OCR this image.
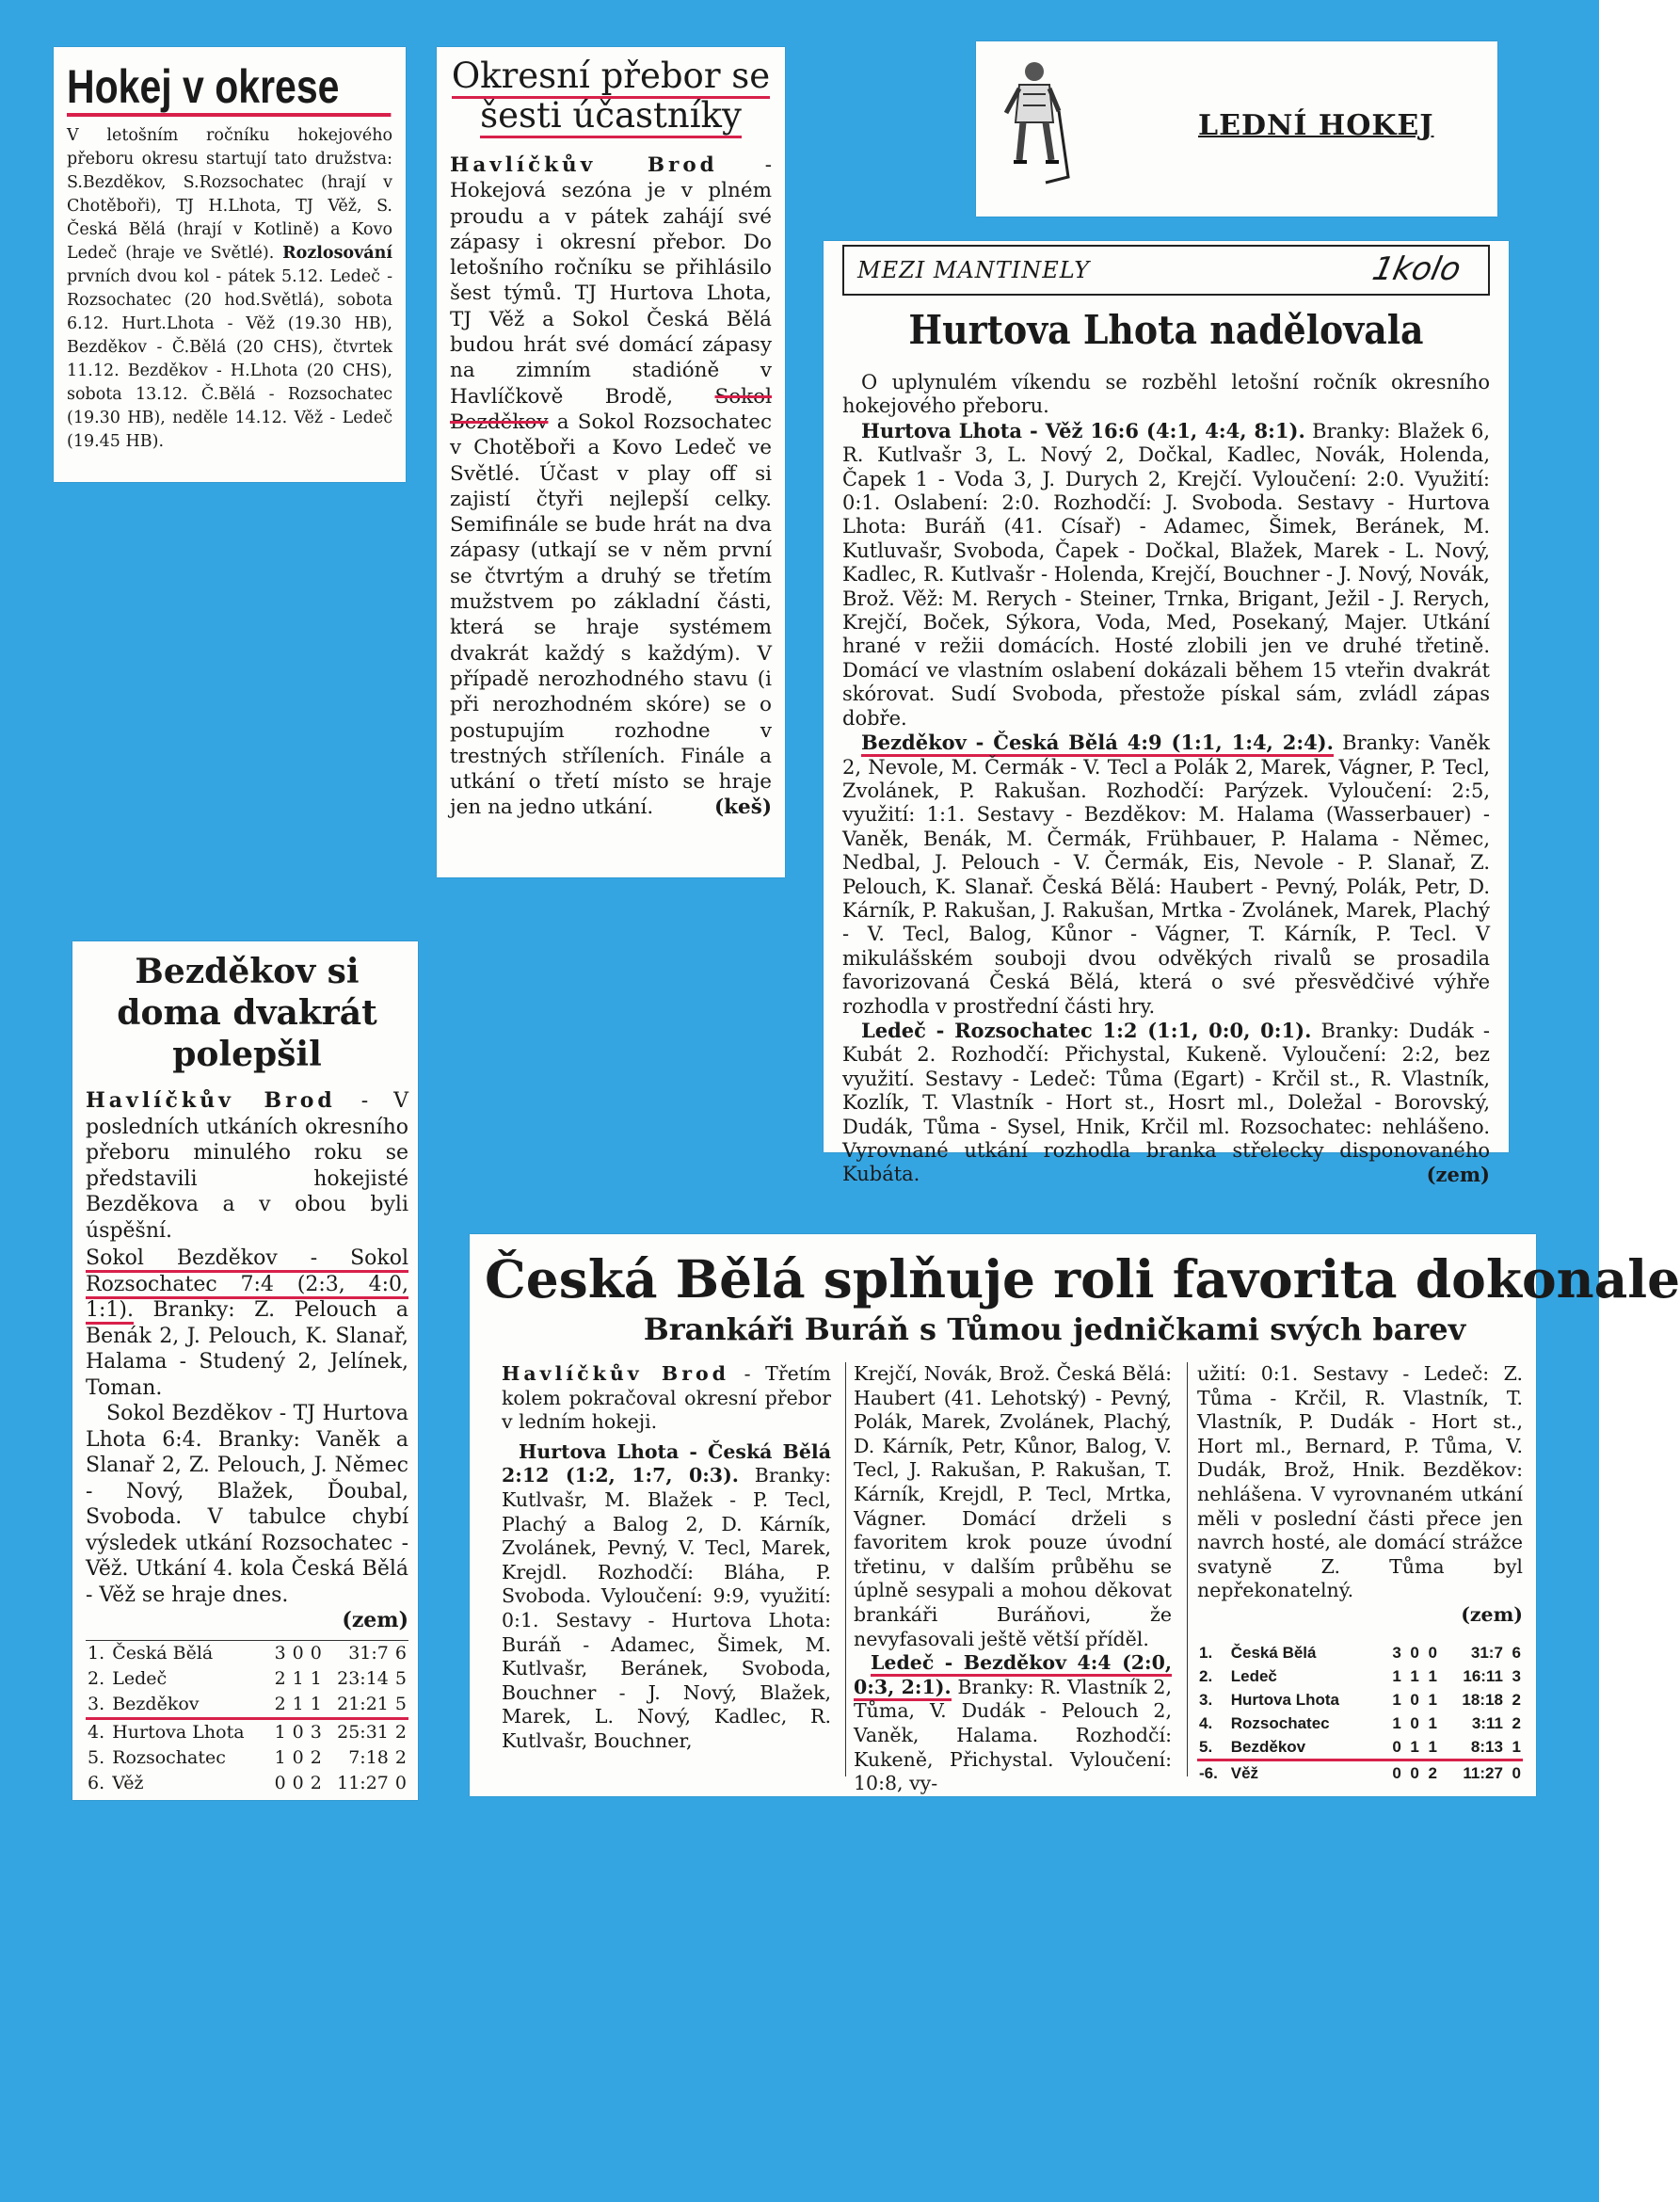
Hokej v okrese

V letošním ročníku hokejového přeboru okresu startují tato družstva: S.Bezděkov, S.Rozsochatec (hrají v Chotěboři), TJ H.Lhota, TJ Věž, S. Česká Bělá (hrají v Kotlině) a Kovo Ledeč (hraje ve Světlé). Rozlosování prvních dvou kol - pátek 5.12. Ledeč - Rozsochatec (20 hod.Světlá), sobota 6.12. Hurt.Lhota - Věž (19.30 HB), Bezděkov - Č.Bělá (20 CHS), čtvrtek 11.12. Bezděkov - H.Lhota (20 CHS), sobota 13.12. Č.Bělá - Rozsochatec (19.30 HB), neděle 14.12. Věž - Ledeč (19.45 HB).

Okresní přebor se šesti účastníky

Havlíčkův Brod - Hokejová sezóna je v plném proudu a v pátek zahájí své zápasy i okresní přebor. Do letošního ročníku se přihlásilo šest týmů. TJ Hurtova Lhota, TJ Věž a Sokol Česká Bělá budou hrát své domácí zápasy na zimním stadióně v Havlíčkově Brodě, Sokol Bezděkov a Sokol Rozsochatec v Chotěboři a Kovo Ledeč ve Světlé. Účast v play off si zajistí čtyři nejlepší celky. Semifinále se bude hrát na dva zápasy (utkají se v něm první se čtvrtým a druhý se třetím mužstvem po základní části, která se hraje systémem dvakrát každý s každým). V případě nerozhodného stavu (i při nerozhodném skóre) se o postupujím rozhodne v trestných stříleních. Finále a utkání o třetí místo se hraje jen na jedno utkání.	(keš)

LEDNÍ HOKEJ
MEZI MANTINELY	1kolo
Hurtova Lhota nadělovala

O uplynulém víkendu se rozběhl letošní ročník okresního hokejového přeboru.

Hurtova Lhota - Věž 16:6 (4:1, 4:4, 8:1). Branky: Blažek 6, R. Kutlvašr 3, L. Nový 2, Dočkal, Kadlec, Novák, Holenda, Čapek 1 - Voda 3, J. Durych 2, Krejčí. Vyloučení: 2:0. Využití: 0:1. Oslabení: 2:0. Rozhodčí: J. Svoboda. Sestavy - Hurtova Lhota: Buráň (41. Císař) - Adamec, Šimek, Beránek, M. Kutluvašr, Svoboda, Čapek - Dočkal, Blažek, Marek - L. Nový, Kadlec, R. Kutlvašr - Holenda, Krejčí, Bouchner - J. Nový, Novák, Brož. Věž: M. Rerych - Steiner, Trnka, Brigant, Ježil - J. Rerych, Krejčí, Boček, Sýkora, Voda, Med, Posekaný, Majer. Utkání hrané v režii domácích. Hosté zlobili jen ve druhé třetině. Domácí ve vlastním oslabení dokázali během 15 vteřin dvakrát skórovat. Sudí Svoboda, přestože pískal sám, zvládl zápas dobře.

Bezděkov - Česká Bělá 4:9 (1:1, 1:4, 2:4). Branky: Vaněk 2, Nevole, M. Čermák - V. Tecl a Polák 2, Marek, Vágner, P. Tecl, Zvolánek, P. Rakušan. Rozhodčí: Parýzek. Vyloučení: 2:5, využití: 1:1. Sestavy - Bezděkov: M. Halama (Wasserbauer) -Vaněk, Benák, M. Čermák, Frühbauer, P. Halama - Němec, Nedbal, J. Pelouch - V. Čermák, Eis, Nevole - P. Slanař, Z. Pelouch, K. Slanař. Česká Bělá: Haubert - Pevný, Polák, Petr, D. Kárník, P. Rakušan, J. Rakušan, Mrtka - Zvolánek, Marek, Plachý - V. Tecl, Balog, Kůnor - Vágner, T. Kárník, P. Tecl. V mikulášském souboji dvou odvěkých rivalů se prosadila favorizovaná Česká Bělá, která o své přesvědčivé výhře rozhodla v prostřední části hry.

Ledeč - Rozsochatec 1:2 (1:1, 0:0, 0:1). Branky: Dudák - Kubát 2. Rozhodčí: Přichystal, Kukeně. Vyloučení: 2:2, bez využití. Sestavy - Ledeč: Tůma (Egart) - Krčil st., R. Vlastník, Kozlík, T. Vlastník - Hort st., Hosrt ml., Doležal - Borovský, Dudák, Tůma - Sysel, Hnik, Krčil ml. Rozsochatec: nehlášeno. Vyrovnané utkání rozhodla branka střelecky disponovaného Kubáta.	(zem)

Bezděkov si doma dvakrát polepšil

Havlíčkův Brod - V posledních utkáních okresního přeboru minulého roku se představili hokejisté Bezděkova a v obou byli úspěšní.

Sokol Bezděkov - Sokol Rozsochatec 7:4 (2:3, 4:0, 1:1). Branky: Z. Pelouch a Benák 2, J. Pelouch, K. Slanař, Halama - Studený 2, Jelínek, Toman.

Sokol Bezděkov - TJ Hurtova Lhota 6:4. Branky: Vaněk a Slanař 2, Z. Pelouch, J. Němec - Nový, Blažek, Ďoubal, Svoboda. V tabulce chybí výsledek utkání Rozsochatec - Věž. Utkání 4. kola Česká Bělá - Věž se hraje dnes.

(zem)

1.	Česká Bělá	3	0	0	31:7	6
2.	Ledeč	2	1	1	23:14	5
3.	Bezděkov	2	1	1	21:21	5
4.	Hurtova Lhota	1	0	3	25:31	2
5.	Rozsochatec	1	0	2	7:18	2
6.	Věž	0	0	2	11:27	0
Česká Bělá splňuje roli favorita dokonale
Brankáři Buráň s Tůmou jedničkami svých barev

Havlíčkův Brod - Třetím kolem pokračoval okresní přebor v ledním hokeji.

Hurtova Lhota - Česká Bělá 2:12 (1:2, 1:7, 0:3). Branky: Kutlvašr, M. Blažek - P. Tecl, Plachý a Balog 2, D. Kárník, Zvolánek, Pevný, V. Tecl, Marek, Krejdl. Rozhodčí: Bláha, P. Svoboda. Vyloučení: 9:9, využití: 0:1. Sestavy - Hurtova Lhota: Buráň - Adamec, Šimek, M. Kutlvašr, Beránek, Svoboda, Bouchner - J. Nový, Blažek, Marek, L. Nový, Kadlec, R. Kutlvašr, Bouchner,

Krejčí, Novák, Brož. Česká Bělá: Haubert (41. Lehotský) - Pevný, Polák, Marek, Zvolánek, Plachý, D. Kárník, Petr, Kůnor, Balog, V. Tecl, J. Rakušan, P. Rakušan, T. Kárník, Krejdl, P. Tecl, Mrtka, Vágner. Domácí drželi s favoritem krok pouze úvodní třetinu, v dalším průběhu se úplně sesypali a mohou děkovat brankáři Buráňovi, že nevyfasovali ještě větší příděl.

Ledeč - Bezděkov 4:4 (2:0, 0:3, 2:1). Branky: R. Vlastník 2, Tůma, V. Dudák - Pelouch 2, Vaněk, Halama. Rozhodčí: Kukeně, Přichystal. Vyloučení: 10:8, vy-

užití: 0:1. Sestavy - Ledeč: Z. Tůma - Krčil, R. Vlastník, T. Vlastník, P. Dudák - Hort st., Hort ml., Bernard, P. Tůma, V. Dudák, Brož, Hnik. Bezděkov: nehlášena. V vyrovnaném utkání měli v poslední části přece jen navrch hosté, ale domácí strážce svatyně Z. Tůma byl nepřekonatelný.

(zem)

1.	Česká Bělá	3	0	0	31:7	6
2.	Ledeč	1	1	1	16:11	3
3.	Hurtova Lhota	1	0	1	18:18	2
4.	Rozsochatec	1	0	1	3:11	2
5.	Bezděkov	0	1	1	8:13	1
-6.	Věž	0	0	2	11:27	0
